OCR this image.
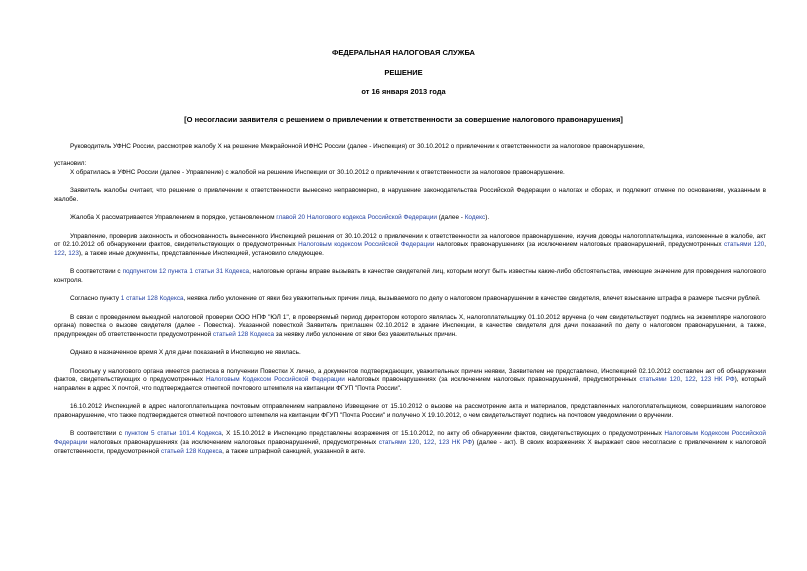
ФЕДЕРАЛЬНАЯ НАЛОГОВАЯ СЛУЖБА
РЕШЕНИЕ
от 16 января 2013 года
[О несогласии заявителя с решением о привлечении к ответственности за совершение налогового правонарушения]

Руководитель УФНС России, рассмотрев жалобу Х на решение Межрайонной ИФНС России (далее - Инспекция) от 30.10.2012 о привлечении к ответственности за налоговое правонарушение,

установил:

Х обратилась в УФНС России (далее - Управление) с жалобой на решение Инспекции от 30.10.2012 о привлечении к ответственности за налоговое правонарушение.

Заявитель жалобы считает, что решение о привлечении к ответственности вынесено неправомерно, в нарушение законодательства Российской Федерации о налогах и сборах, и подлежит отмене по основаниям, указанным в жалобе.

Жалоба Х рассматривается Управлением в порядке, установленном главой 20 Налогового кодекса Российской Федерации (далее - Кодекс).

Управление, проверив законность и обоснованность вынесенного Инспекцией решения от 30.10.2012 о привлечении к ответственности за налоговое правонарушение, изучив доводы налогоплательщика, изложенные в жалобе, акт от 02.10.2012 об обнаружении фактов, свидетельствующих о предусмотренных Налоговым кодексом Российской Федерации налоговых правонарушениях (за исключением налоговых правонарушений, предусмотренных статьями 120, 122, 123), а также иные документы, представленные Инспекцией, установило следующее.

В соответствии с подпунктом 12 пункта 1 статьи 31 Кодекса, налоговые органы вправе вызывать в качестве свидетелей лиц, которым могут быть известны какие-либо обстоятельства, имеющие значение для проведения налогового контроля.

Согласно пункту 1 статьи 128 Кодекса, неявка либо уклонение от явки без уважительных причин лица, вызываемого по делу о налоговом правонарушении в качестве свидетеля, влечет взыскание штрафа в размере тысячи рублей.

В связи с проведением выездной налоговой проверки ООО НПФ "ЮЛ 1", в проверяемый период директором которого являлась Х, налогоплательщику 01.10.2012 вручена (о чем свидетельствует подпись на экземпляре налогового органа) повестка о вызове свидетеля (далее - Повестка). Указанной повесткой Заявитель приглашен 02.10.2012 в здание Инспекции, в качестве свидетеля для дачи показаний по делу о налоговом правонарушении, а также, предупрежден об ответственности предусмотренной статьей 128 Кодекса за неявку либо уклонение от явки без уважительных причин.

Однако в назначенное время Х для дачи показаний в Инспекцию не явилась.

Поскольку у налогового органа имеется расписка в получении Повестки Х лично, а документов подтверждающих, уважительных причин неявки, Заявителем не представлено, Инспекцией 02.10.2012 составлен акт об обнаружении фактов, свидетельствующих о предусмотренных Налоговым Кодексом Российской Федерации налоговых правонарушениях (за исключением налоговых правонарушений, предусмотренных статьями 120, 122, 123 НК РФ), который направлен в адрес Х почтой, что подтверждается отметкой почтового штемпеля на квитанции ФГУП "Почта России".

16.10.2012 Инспекцией в адрес налогоплательщика почтовым отправлением направлено Извещение от 15.10.2012 о вызове на рассмотрение акта и материалов, представленных налогоплательщиком, совершившим налоговое правонарушение, что также подтверждается отметкой почтового штемпеля на квитанции ФГУП "Почта России" и получено Х 19.10.2012, о чем свидетельствует подпись на почтовом уведомлении о вручении.

В соответствии с пунктом 5 статьи 101.4 Кодекса, Х 15.10.2012 в Инспекцию представлены возражения от 15.10.2012, по акту об обнаружении фактов, свидетельствующих о предусмотренных Налоговым Кодексом Российской Федерации налоговых правонарушениях (за исключением налоговых правонарушений, предусмотренных статьями 120, 122, 123 НК РФ) (далее - акт). В своих возражениях Х выражает свое несогласие с привлечением к налоговой ответственности, предусмотренной статьей 128 Кодекса, а также штрафной санкцией, указанной в акте.
